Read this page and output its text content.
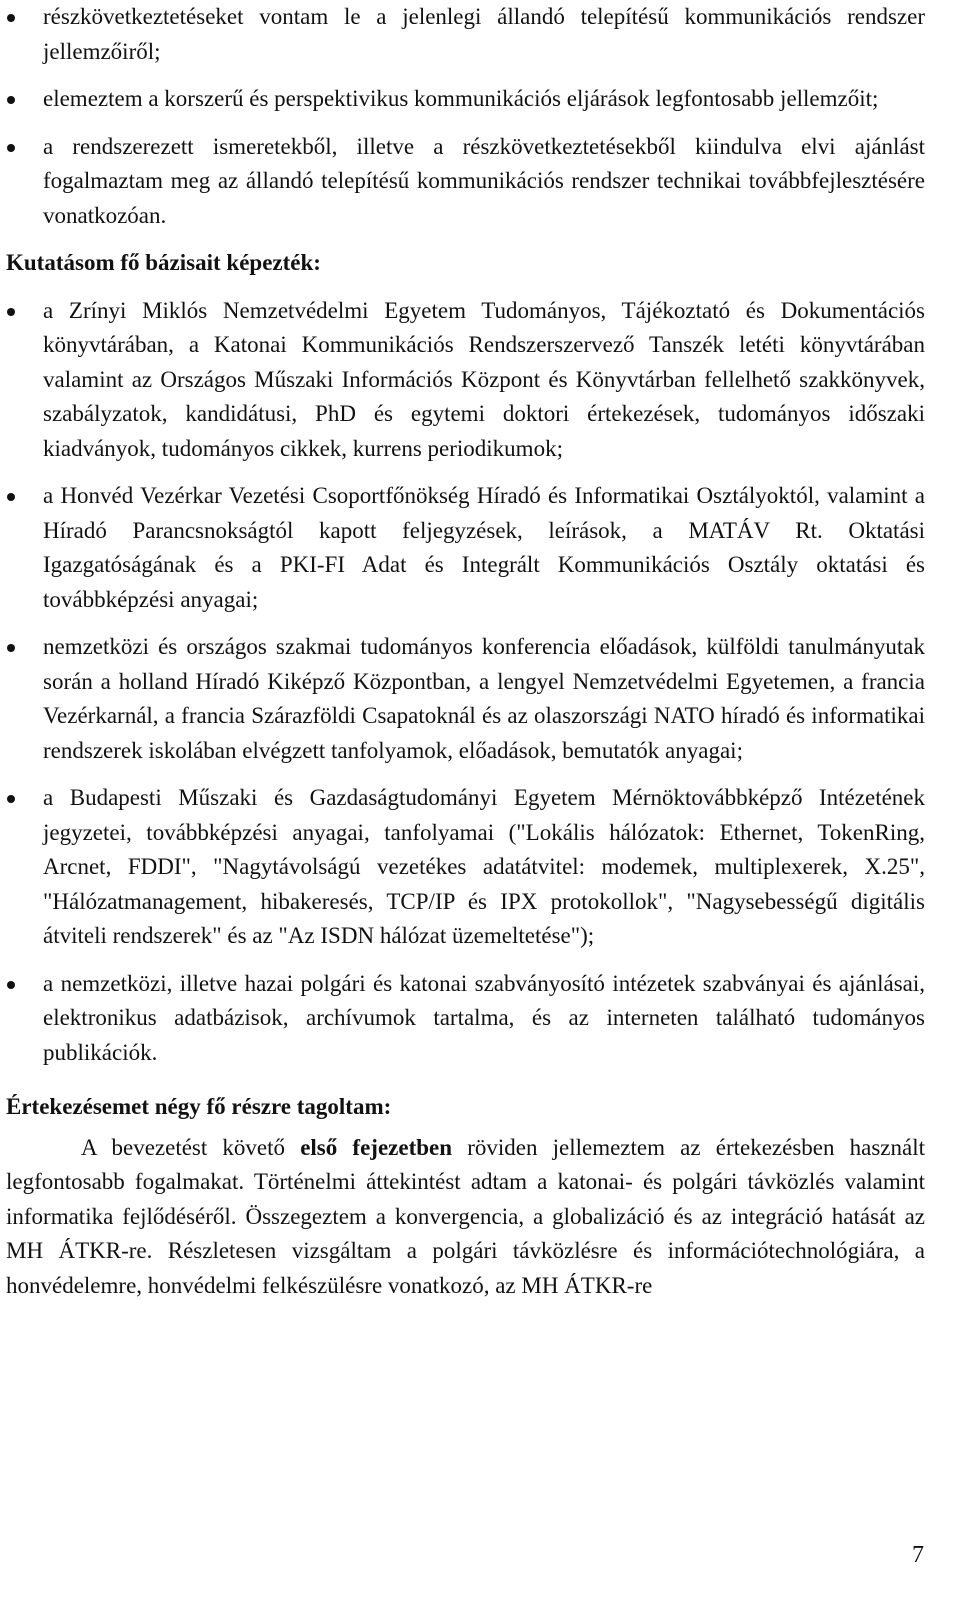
részkövetkeztetéseket vontam le a jelenlegi állandó telepítésű kommunikációs rendszer jellemzőiről;
elemeztem a korszerű és perspektivikus kommunikációs eljárások legfontosabb jellemzőit;
a rendszerezett ismeretekből, illetve a részkövetkeztetésekből kiindulva elvi ajánlást fogalmaztam meg az állandó telepítésű kommunikációs rendszer technikai továbbfejlesztésére vonatkozóan.

Kutatásom fő bázisait képezték:

a Zrínyi Miklós Nemzetvédelmi Egyetem Tudományos, Tájékoztató és Dokumentációs könyvtárában, a Katonai Kommunikációs Rendszerszervező Tanszék letéti könyvtárában valamint az Országos Műszaki Információs Központ és Könyvtárban fellelhető szakkönyvek, szabályzatok, kandidátusi, PhD és egytemi doktori értekezések, tudományos időszaki kiadványok, tudományos cikkek, kurrens periodikumok;
a Honvéd Vezérkar Vezetési Csoportfőnökség Híradó és Informatikai Osztályoktól, valamint a Híradó Parancsnokságtól kapott feljegyzések, leírások, a MATÁV Rt. Oktatási Igazgatóságának és a PKI-FI Adat és Integrált Kommunikációs Osztály oktatási és továbbképzési anyagai;
nemzetközi és országos szakmai tudományos konferencia előadások, külföldi tanulmányutak során a holland Híradó Kiképző Központban, a lengyel Nemzetvédelmi Egyetemen, a francia Vezérkarnál, a francia Szárazföldi Csapatoknál és az olaszországi NATO híradó és informatikai rendszerek iskolában elvégzett tanfolyamok, előadások, bemutatók anyagai;
a Budapesti Műszaki és Gazdaságtudományi Egyetem Mérnöktovábbképző Intézetének jegyzetei, továbbképzési anyagai, tanfolyamai ("Lokális hálózatok: Ethernet, TokenRing, Arcnet, FDDI", "Nagytávolságú vezetékes adatátvitel: modemek, multiplexerek, X.25", "Hálózatmanagement, hibakeresés, TCP/IP és IPX protokollok", "Nagysebességű digitális átviteli rendszerek" és az "Az ISDN hálózat üzemeltetése");
a nemzetközi, illetve hazai polgári és katonai szabványosító intézetek szabványai és ajánlásai, elektronikus adatbázisok, archívumok tartalma, és az interneten található tudományos publikációk.

Értekezésemet négy fő részre tagoltam:

A bevezetést követő első fejezetben röviden jellemeztem az értekezésben használt legfontosabb fogalmakat. Történelmi áttekintést adtam a katonai- és polgári távközlés valamint informatika fejlődéséről. Összegeztem a konvergencia, a globalizáció és az integráció hatását az MH ÁTKR-re. Részletesen vizsgáltam a polgári távközlésre és információtechnológiára, a honvédelemre, honvédelmi felkészülésre vonatkozó, az MH ÁTKR-re

7
